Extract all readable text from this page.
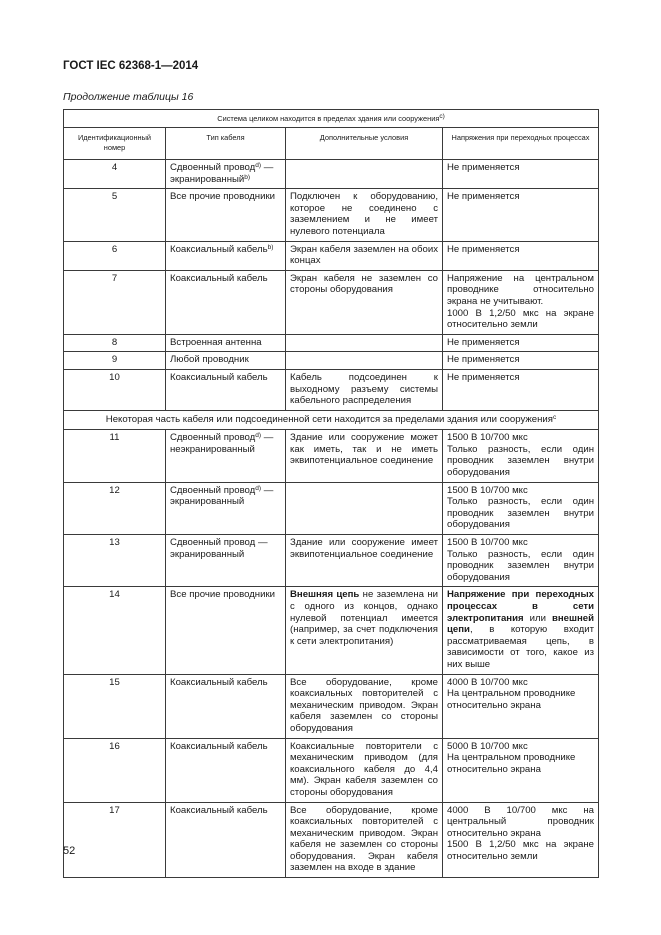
ГОСТ IEC 62368-1—2014
Продолжение таблицы 16
Система целиком находится в пределах здания или сооруженияc)			
Идентификационный номер	Тип кабеля	Дополнительные условия	Напряжения при переходных процессах
4	Сдвоенный провод$^{d)}$ — экранированный$^{b)}$		Не применяется
5	Все прочие проводники	Подключен к оборудованию, которое не соединено с заземлением и не имеет нулевого потенциала	Не применяется
6	Коаксиальный кабель$^{b)}$	Экран кабеля заземлен на обоих концах	Не применяется
7	Коаксиальный кабель	Экран кабеля не заземлен со стороны оборудования	Напряжение на центральном проводнике относительно экрана не учитывают.
1000 В 1,2/50 мкс на экране относительно земли

8	Встроенная антенна		Не применяется
9	Любой проводник		Не применяется
10	Коаксиальный кабель	Кабель подсоединен к выходному разъему системы кабельного распределения	Не применяется
Некоторая часть кабеля или подсоединенной сети находится за пределами здания или сооружения$^c$
11	Сдвоенный провод$^{d)}$ — неэкранированный	Здание или сооружение может как иметь, так и не иметь эквипотенциальное соединение	1500 В 10/700 мкс
Только разность, если один проводник заземлен внутри оборудования

12	Сдвоенный провод$^{d)}$ — экранированный		1500 В 10/700 мкс
Только разность, если один проводник заземлен внутри оборудования

13	Сдвоенный провод — экранированный	Здание или сооружение имеет эквипотенциальное соединение	1500 В 10/700 мкс
Только разность, если один проводник заземлен внутри оборудования

14	Все прочие проводники	Внешняя цепь не заземлена ни с одного из концов, однако нулевой потенциал имеется (например, за счет подключения к сети электропитания)	Напряжение при переходных процессах в сети электропитания или внешней цепи, в которую входит рассматриваемая цепь, в зависимости от того, какое из них выше
15	Коаксиальный кабель	Все оборудование, кроме коаксиальных повторителей с механическим приводом. Экран кабеля заземлен со стороны оборудования	4000 В 10/700 мкс
На центральном проводнике относительно экрана

16	Коаксиальный кабель	Коаксиальные повторители с механическим приводом (для коаксиального кабеля до 4,4 мм). Экран кабеля заземлен со стороны оборудования	5000 В 10/700 мкс
На центральном проводнике относительно экрана

17	Коаксиальный кабель	Все оборудование, кроме коаксиальных повторителей с механическим приводом. Экран кабеля не заземлен со стороны оборудования. Экран кабеля заземлен на входе в здание	4000 В 10/700 мкс на центральный проводник относительно экрана
1500 В 1,2/50 мкс на экране относительно земли
52
